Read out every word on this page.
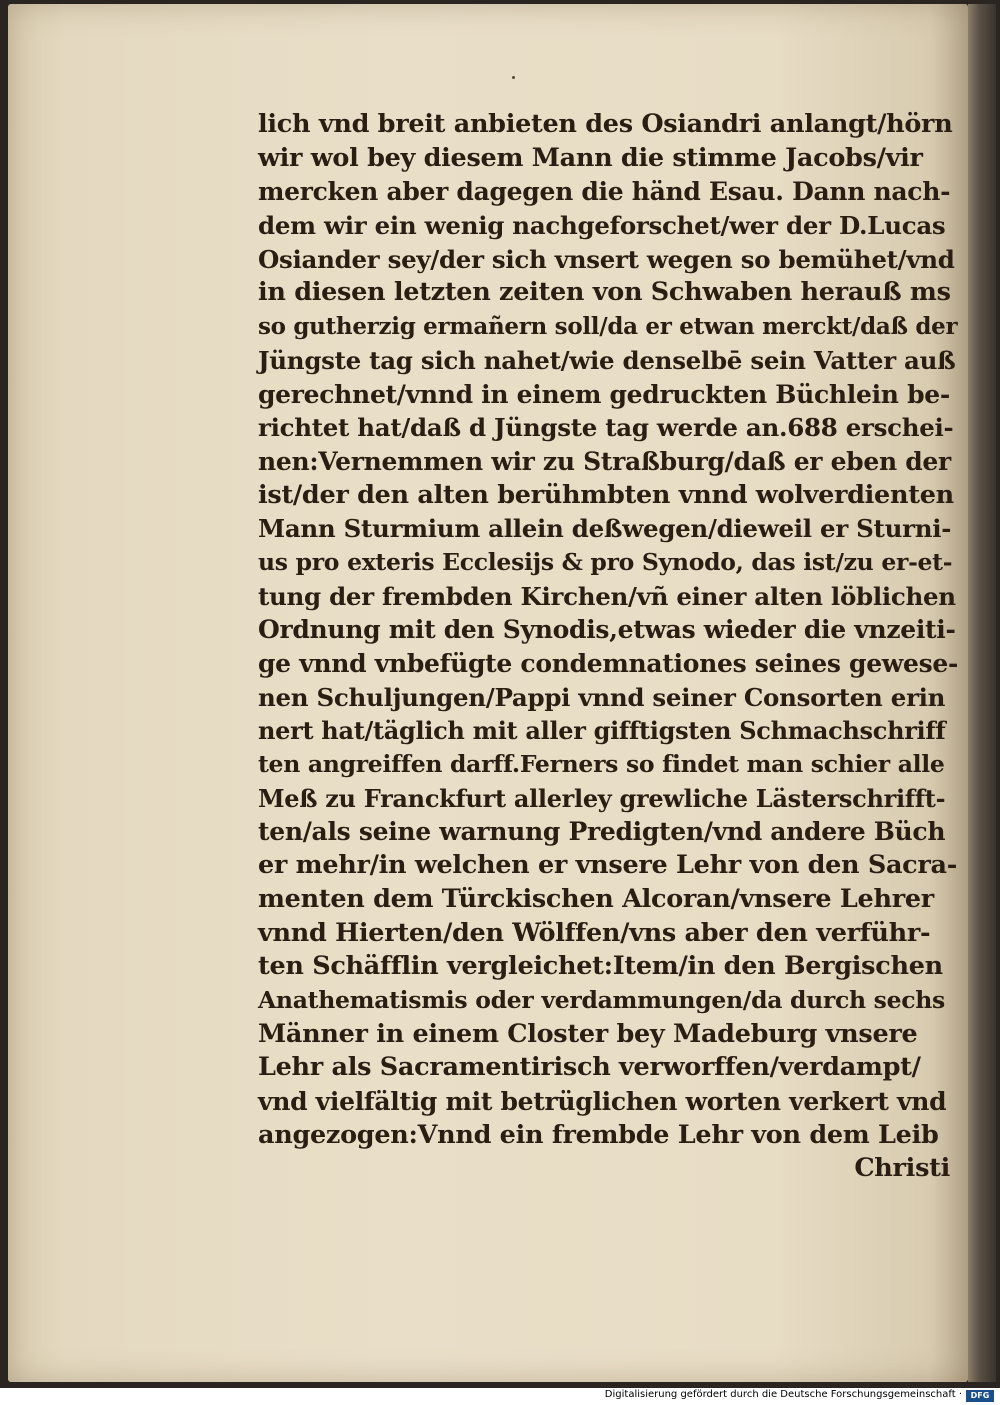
lich vnd breit anbieten des Osiandri anlangt/hörn
wir wol bey diesem Mann die stimme Jacobs/vir
mercken aber dagegen die händ Esau. Dann nach-
dem wir ein wenig nachgeforschet/wer der D.Lucas
Osiander sey/der sich vnsert wegen so bemühet/vnd
in diesen letzten zeiten von Schwaben herauß ms
so gutherzig ermañern soll/da er etwan merckt/daß der
Jüngste tag sich nahet/wie denselbē sein Vatter auß
gerechnet/vnnd in einem gedruckten Büchlein be-
richtet hat/daß d Jüngste tag werde an.688 erschei-
nen:Vernemmen wir zu Straßburg/daß er eben der
ist/der den alten berühmbten vnnd wolverdienten
Mann Sturmium allein deßwegen/dieweil er Sturni-
us pro exteris Ecclesijs & pro Synodo, das ist/zu er-et-
tung der frembden Kirchen/vñ einer alten löblichen
Ordnung mit den Synodis,etwas wieder die vnzeiti-
ge vnnd vnbefügte condemnationes seines gewese-
nen Schuljungen/Pappi vnnd seiner Consorten erin
nert hat/täglich mit aller gifftigsten Schmachschriff
ten angreiffen darff.Ferners so findet man schier alle
Meß zu Franckfurt allerley grewliche Lästerschrifft-
ten/als seine warnung Predigten/vnd andere Büch
er mehr/in welchen er vnsere Lehr von den Sacra-
menten dem Türckischen Alcoran/vnsere Lehrer
vnnd Hierten/den Wölffen/vns aber den verführ-
ten Schäfflin vergleichet:Item/in den Bergischen
Anathematismis oder verdammungen/da durch sechs
Männer in einem Closter bey Madeburg vnsere
Lehr als Sacramentirisch verworffen/verdampt/
vnd vielfältig mit betrüglichen worten verkert vnd
angezogen:Vnnd ein frembde Lehr von dem Leib
Christi
Digitalisierung gefördert durch die Deutsche Forschungsgemeinschaft ·	DFG
